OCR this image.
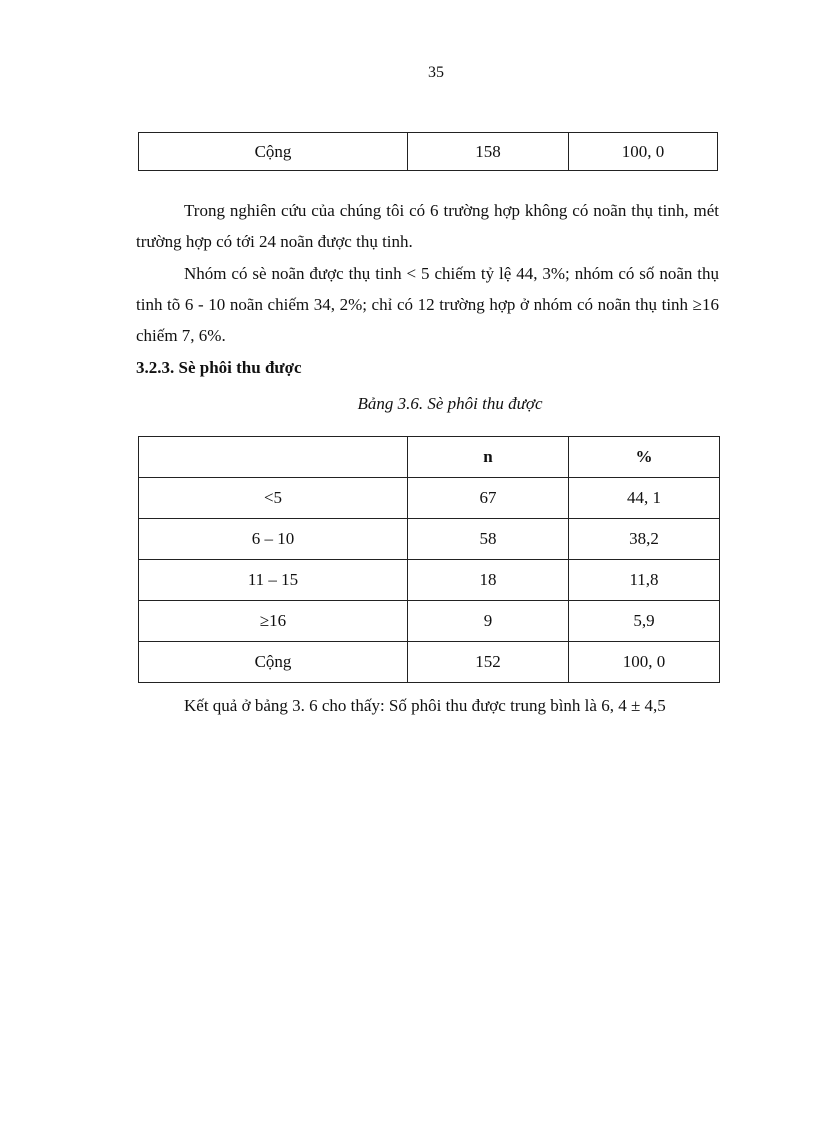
35
Cộng	158	100, 0

Trong nghiên cứu của chúng tôi có 6 trường hợp không có noãn thụ tinh, mét trường hợp có tới 24 noãn được thụ tinh.

Nhóm có sè noãn được thụ tinh < 5 chiếm tỷ lệ 44, 3%; nhóm có số noãn thụ tinh tõ 6 - 10 noãn chiếm 34, 2%; chỉ có 12 trường hợp ở nhóm có noãn thụ tinh ≥16 chiếm 7, 6%.

3.2.3. Sè phôi thu được

Bảng 3.6. Sè phôi thu được

	n	%
<5	67	44, 1
6 – 10	58	38,2
11 – 15	18	11,8
≥16	9	5,9
Cộng	152	100, 0

Kết quả ở bảng 3. 6 cho thấy: Số phôi thu được trung bình là 6, 4 ± 4,5
